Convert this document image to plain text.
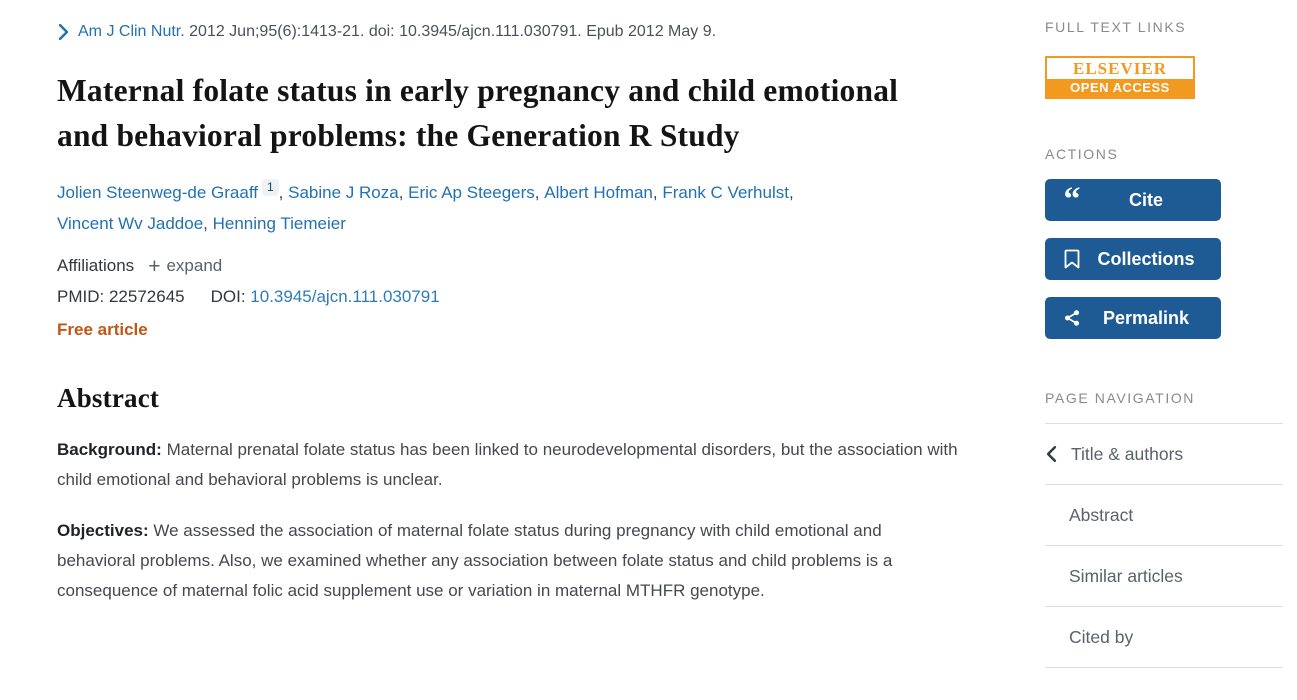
Am J Clin Nutr. 2012 Jun;95(6):1413-21. doi: 10.3945/ajcn.111.030791. Epub 2012 May 9.
Maternal folate status in early pregnancy and child emotional and behavioral problems: the Generation R Study
Jolien Steenweg-de Graaff $^1$ , Sabine J Roza , Eric Ap Steegers , Albert Hofman , Frank C Verhulst , Vincent Wv Jaddoe , Henning Tiemeier
Affiliations + expand
PMID: 22572645 DOI: 10.3945/ajcn.111.030791
Free article
Abstract

Background: Maternal prenatal folate status has been linked to neurodevelopmental disorders, but the association with child emotional and behavioral problems is unclear.

Objectives: We assessed the association of maternal folate status during pregnancy with child emotional and behavioral problems. Also, we examined whether any association between folate status and child problems is a consequence of maternal folic acid supplement use or variation in maternal MTHFR genotype.

FULL TEXT LINKS
ELSEVIER
OPEN ACCESS
ACTIONS
“
Cite
Collections
Permalink
PAGE NAVIGATION
Title & authors
Abstract
Similar articles
Cited by
